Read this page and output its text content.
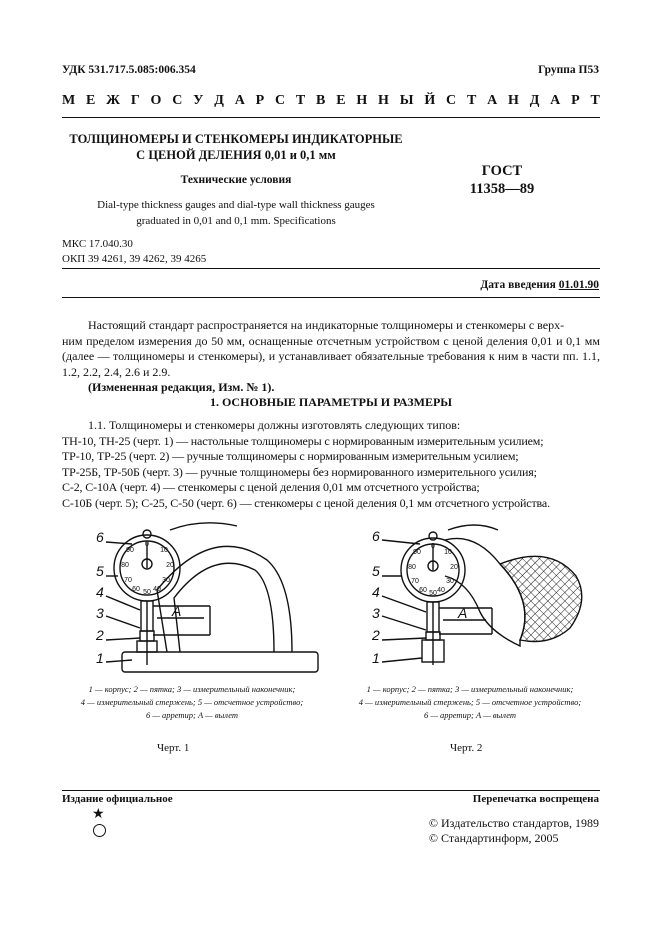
УДК 531.717.5.085:006.354	Группа П53
М Е Ж Г О С У Д А Р С Т В Е Н Н Ы Й С Т А Н Д А Р Т
ТОЛЩИНОМЕРЫ И СТЕНКОМЕРЫ ИНДИКАТОРНЫЕ
С ЦЕНОЙ ДЕЛЕНИЯ 0,01 и 0,1 мм
ГОСТ
11358—89
Технические условия
Dial-type thickness gauges and dial-type wall thickness gauges
graduated in 0,01 and 0,1 mm. Specifications
МКС 17.040.30
ОКП 39 4261, 39 4262, 39 4265
Дата введения 01.01.90
Настоящий стандарт распространяется на индикаторные толщиномеры и стенкомеры с верх-
ним пределом измерения до 50 мм, оснащенные отсчетным устройством с ценой деления 0,01 и 0,1 мм (далее — толщиномеры и стенкомеры), и устанавливает обязательные требования к ним в части пп. 1.1, 1.2, 2.2, 2.4, 2.6 и 2.9.
(Измененная редакция, Изм. № 1).
1. ОСНОВНЫЕ ПАРАМЕТРЫ И РАЗМЕРЫ
1.1. Толщиномеры и стенкомеры должны изготовлять следующих типов:
ТН-10, ТН-25 (черт. 1) — настольные толщиномеры с нормированным измерительным усилием;
ТР-10, ТР-25 (черт. 2) — ручные толщиномеры с нормированным измерительным усилием;
ТР-25Б, ТР-50Б (черт. 3) — ручные толщиномеры без нормированного измерительного усилия;
С-2, С-10А (черт. 4) — стенкомеры с ценой деления 0,01 мм отсчетного устройства;
С-10Б (черт. 5); С-25, С-50 (черт. 6) — стенкомеры с ценой деления 0,1 мм отсчетного устройства.
0
10
20
30
40
50
60
70
80
90
6
5
4
3
2
1
A
1 — корпус; 2 — пятка; 3 — измерительный наконечник;
4 — измерительный стержень; 5 — отсчетное устройство;
6 — арретир; A — вылет
Черт. 1
0
10
20
30
40
50
60
70
80
90
6
5
4
3
2
1
A
1 — корпус; 2 — пятка; 3 — измерительный наконечник;
4 — измерительный стержень; 5 — отсчетное устройство;
6 — арретир; A — вылет
Черт. 2
Издание официальное	Перепечатка воспрещена
★
© Издательство стандартов, 1989
© Стандартинформ, 2005
